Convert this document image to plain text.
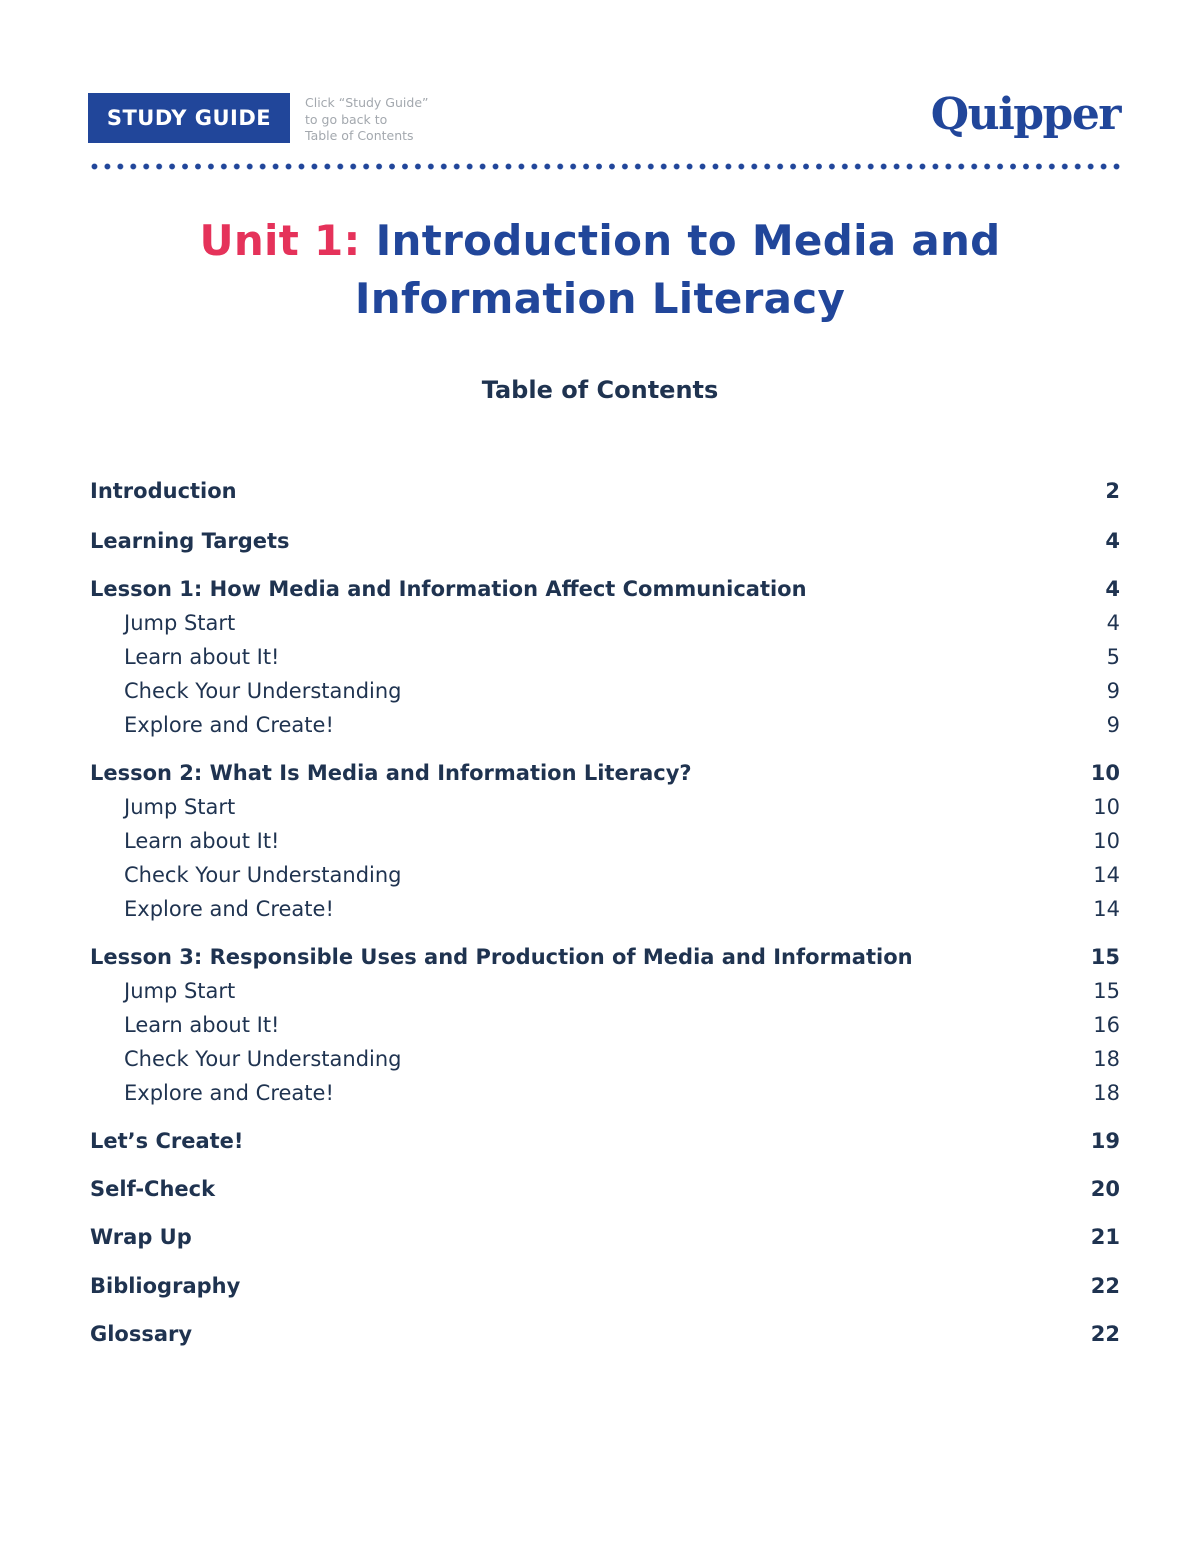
STUDY GUIDE
Click “Study Guide”
to go back to
Table of Contents	Quipper
Unit 1: Introduction to Media and
Information Literacy
Table of Contents
Introduction	2
Learning Targets	4
Lesson 1: How Media and Information Affect Communication	4
Jump Start	4
Learn about It!	5
Check Your Understanding	9
Explore and Create!	9
Lesson 2: What Is Media and Information Literacy?	10
Jump Start	10
Learn about It!	10
Check Your Understanding	14
Explore and Create!	14
Lesson 3: Responsible Uses and Production of Media and Information	15
Jump Start	15
Learn about It!	16
Check Your Understanding	18
Explore and Create!	18
Let’s Create!	19
Self-Check	20
Wrap Up	21
Bibliography	22
Glossary	22
